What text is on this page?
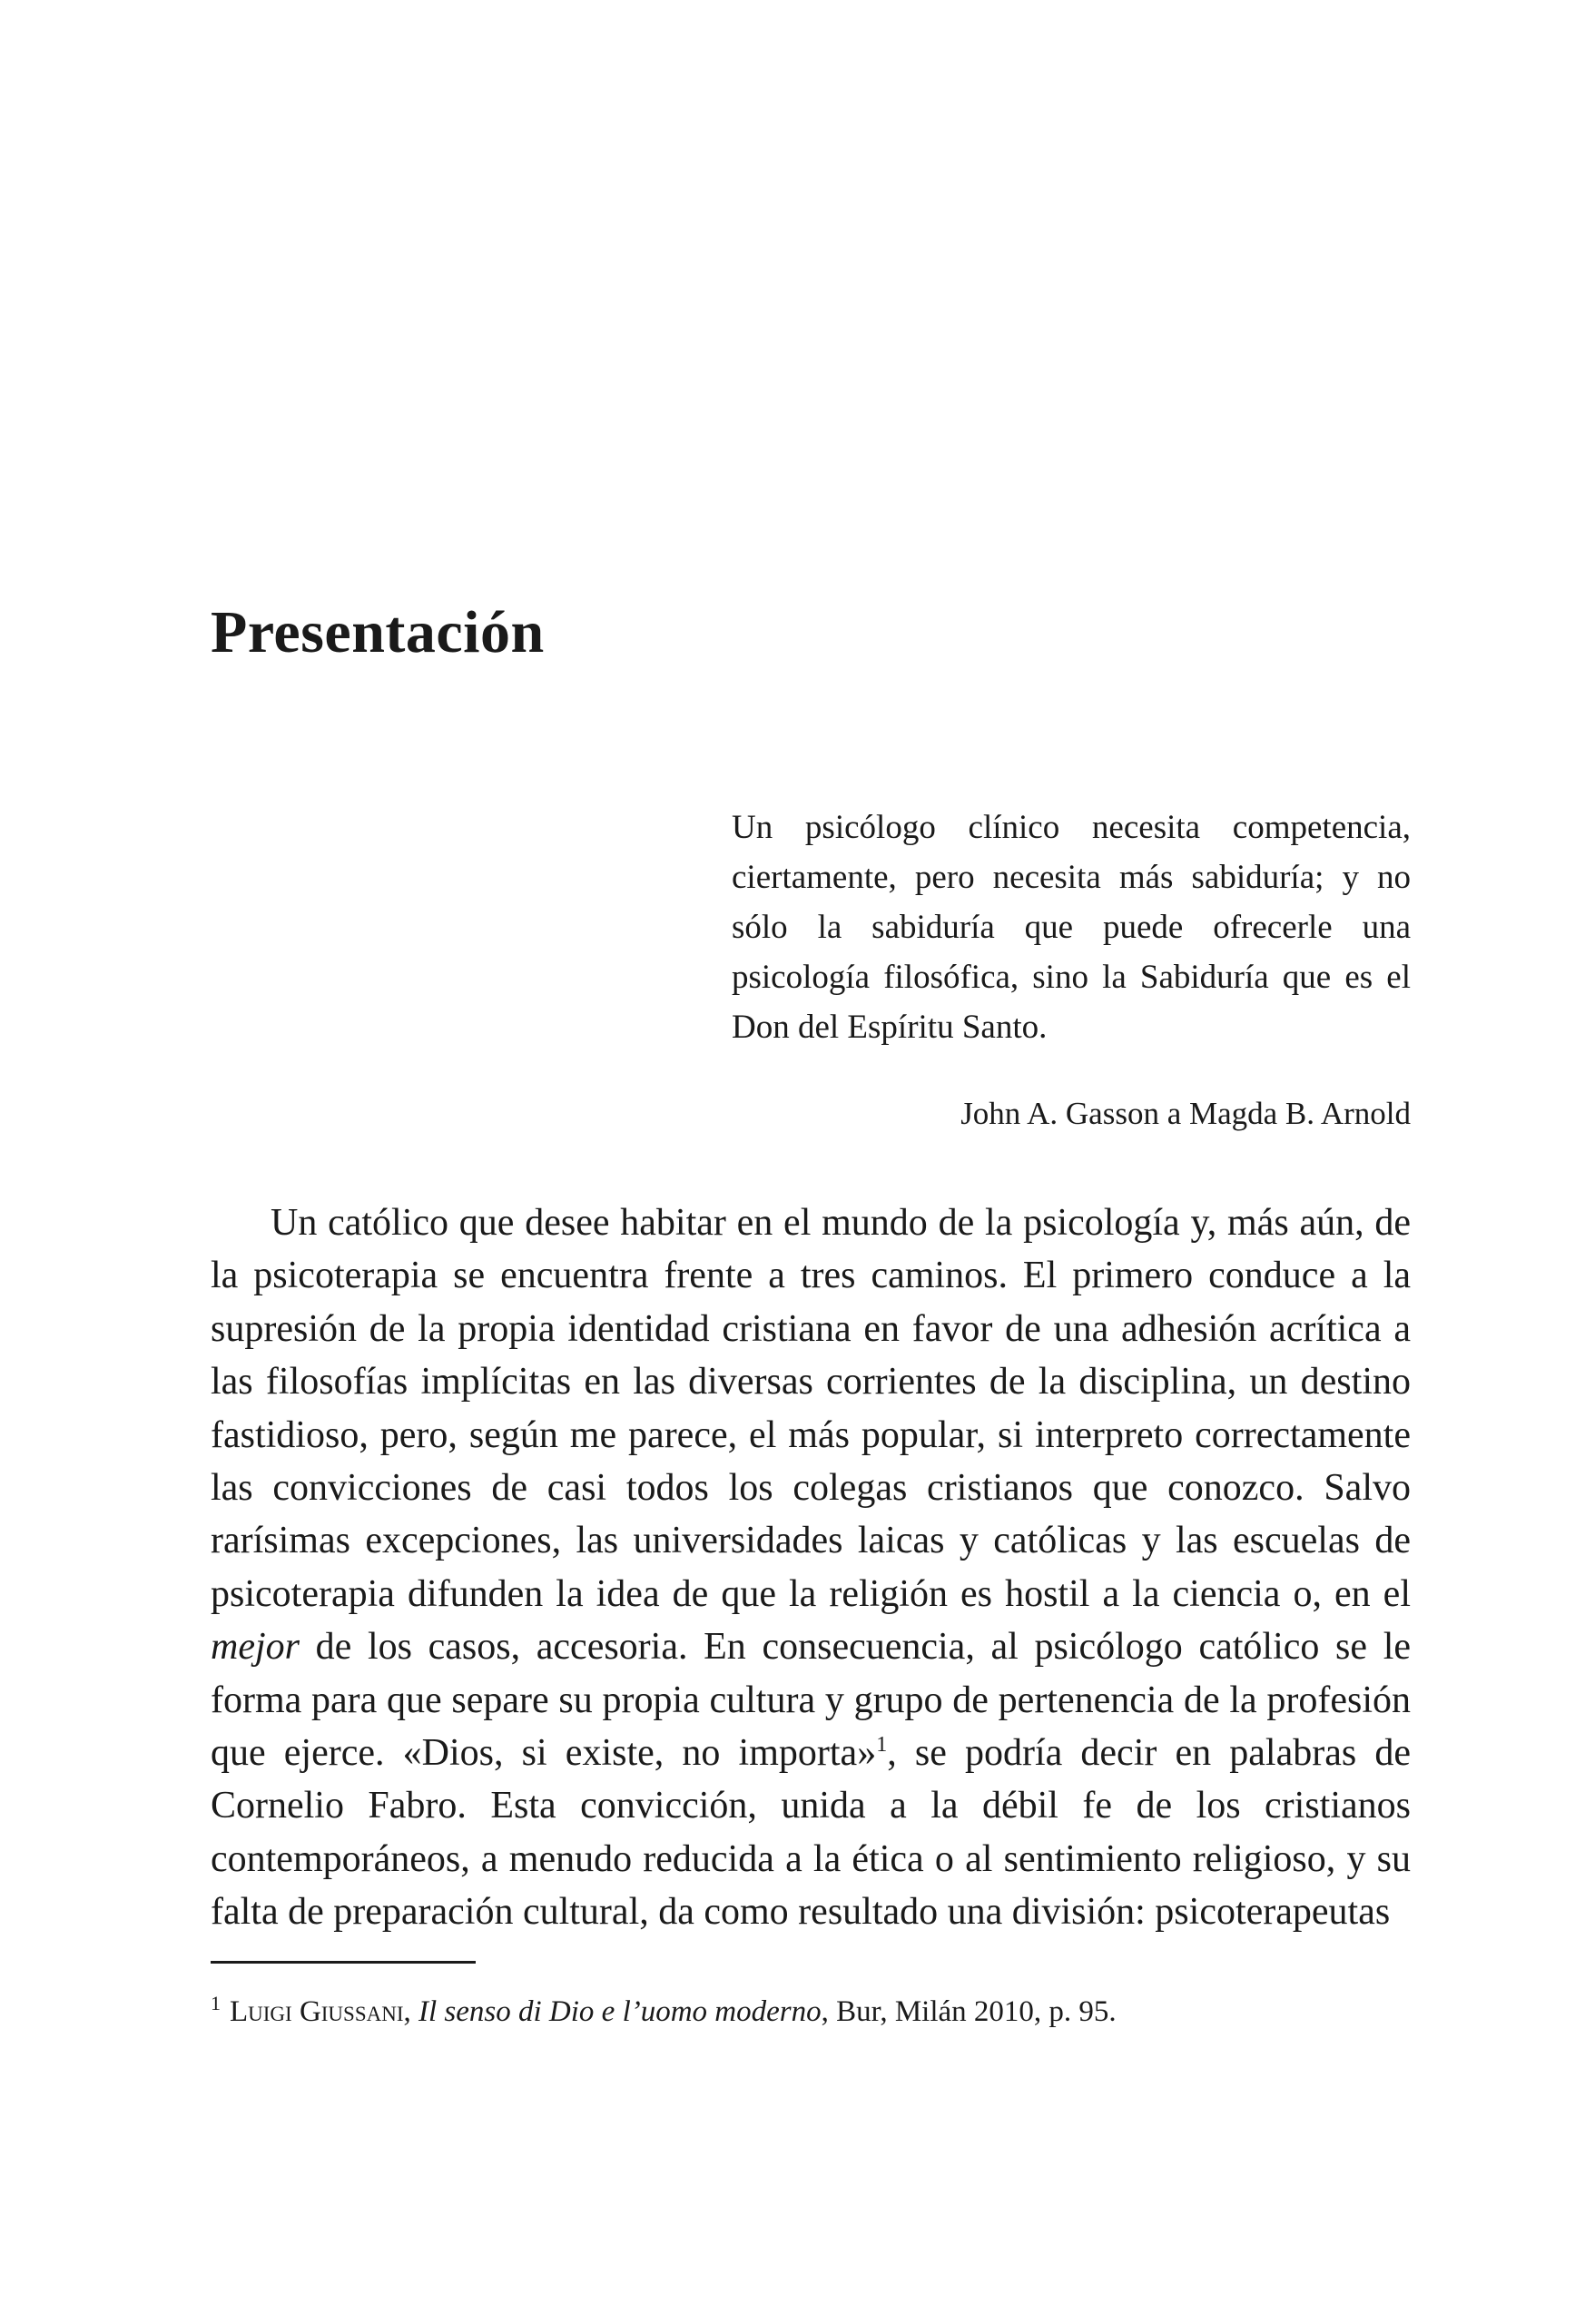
Presentación

Un psicólogo clínico necesita competencia, ciertamente, pero necesita más sabiduría; y no sólo la sabiduría que puede ofrecerle una psicología filosófica, sino la Sabiduría que es el Don del Espíritu Santo.

John A. Gasson a Magda B. Arnold

Un católico que desee habitar en el mundo de la psicología y, más aún, de la psicoterapia se encuentra frente a tres caminos. El primero conduce a la supresión de la propia identidad cristiana en favor de una adhesión acrítica a las filosofías implícitas en las diversas corrientes de la disciplina, un destino fastidioso, pero, según me parece, el más popular, si interpreto correctamente las convicciones de casi todos los colegas cristianos que conozco. Salvo rarísimas excepciones, las universidades laicas y católicas y las escuelas de psicoterapia difunden la idea de que la religión es hostil a la ciencia o, en el mejor de los casos, accesoria. En consecuencia, al psicólogo católico se le forma para que separe su propia cultura y grupo de pertenencia de la profesión que ejerce. «Dios, si existe, no importa»$^1$, se podría decir en palabras de Cornelio Fabro. Esta convicción, unida a la débil fe de los cristianos contemporáneos, a menudo reducida a la ética o al sentimiento religioso, y su falta de preparación cultural, da como resultado una división: psicoterapeutas

$^1$ Luigi Giussani, Il senso di Dio e l’uomo moderno, Bur, Milán 2010, p. 95.
